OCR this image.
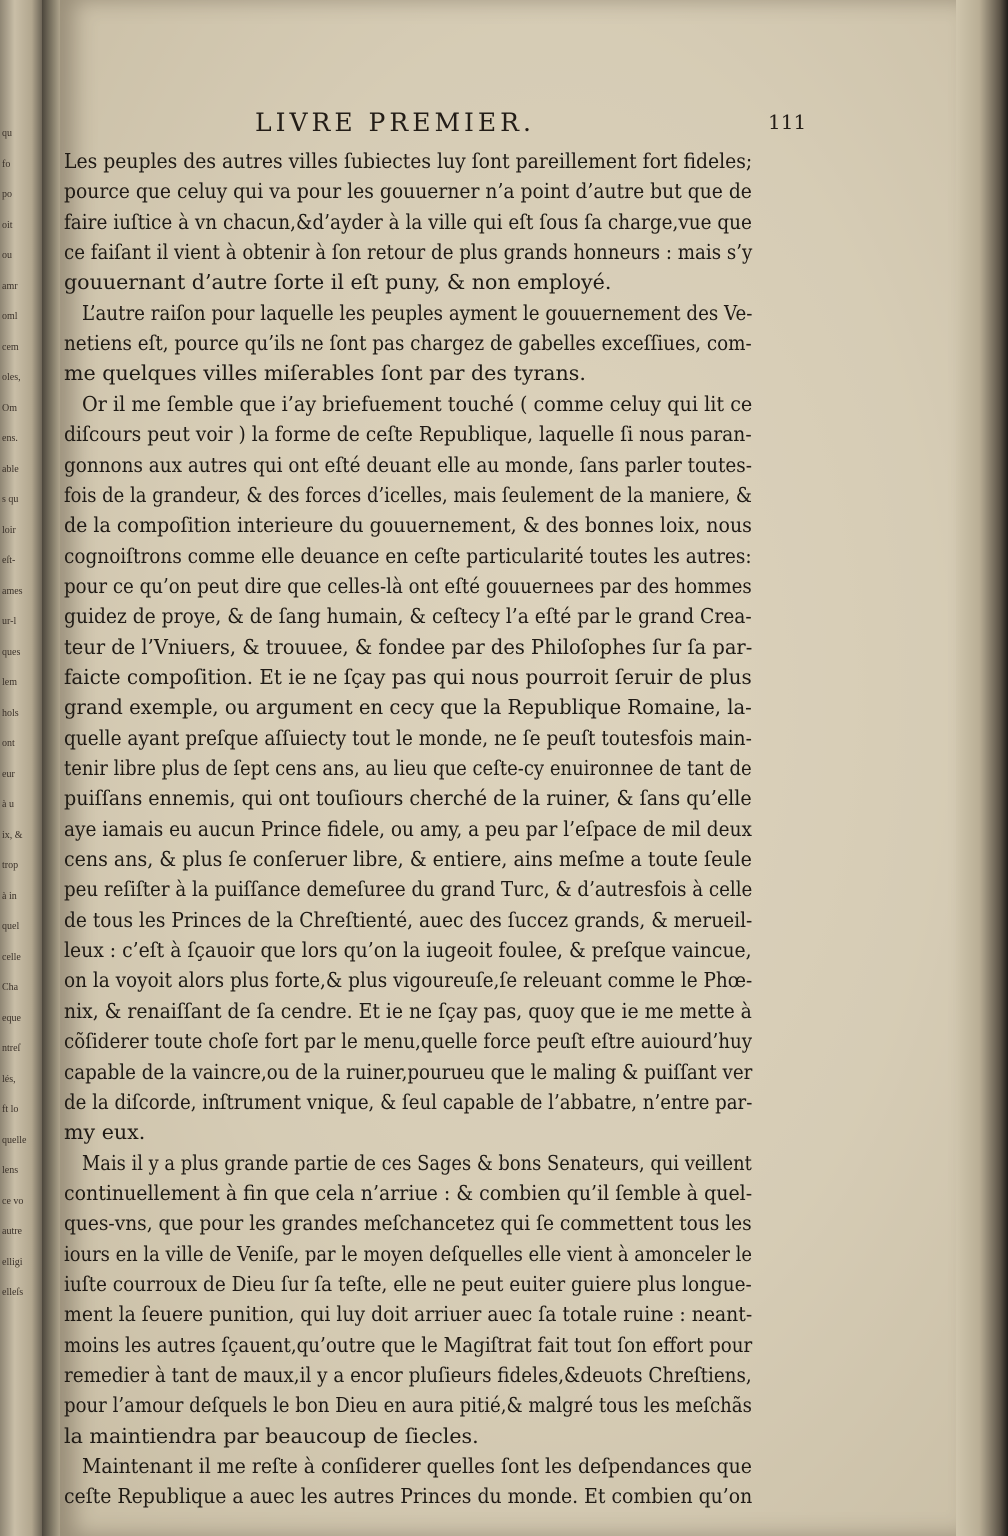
qu
fo
po
oit
ou
amr
oml
cem
oles,
Om
ens.
able
s qu
loir
eſt-
ames
ur-l
ques
lem
hols
ont
eur
à u
ix, &
trop
à in
quel
celle
Cha
eque
ntreſ
lés,
ft lo
quelle
lens
ce vo
autre
elligi
elleſs
LIVRE PREMIER.	111
Les peuples des autres villes ſubiectes luy ſont pareillement fort fideles;
pource que celuy qui va pour les gouuerner n’a point d’autre but que de
faire iuſtice à vn chacun,&d’ayder à la ville qui eſt ſous ſa charge,vue que
ce faiſant il vient à obtenir à ſon retour de plus grands honneurs : mais s’y
gouuernant d’autre ſorte il eſt puny, & non employé.
L’autre raiſon pour laquelle les peuples ayment le gouuernement des Ve-
netiens eſt, pource qu’ils ne ſont pas chargez de gabelles exceſſiues, com-
me quelques villes miſerables ſont par des tyrans.
Or il me ſemble que i’ay briefuement touché ( comme celuy qui lit ce
diſcours peut voir ) la forme de ceſte Republique, laquelle ſi nous paran-
gonnons aux autres qui ont eſté deuant elle au monde, ſans parler toutes-
fois de la grandeur, & des forces d’icelles, mais ſeulement de la maniere, &
de la compoſition interieure du gouuernement, & des bonnes loix, nous
cognoiſtrons comme elle deuance en ceſte particularité toutes les autres:
pour ce qu’on peut dire que celles-là ont eſté gouuernees par des hommes
guidez de proye, & de ſang humain, & ceſtecy l’a eſté par le grand Crea-
teur de l’Vniuers, & trouuee, & fondee par des Philoſophes ſur ſa par-
faicte compoſition. Et ie ne ſçay pas qui nous pourroit ſeruir de plus
grand exemple, ou argument en cecy que la Republique Romaine, la-
quelle ayant preſque aſſuiecty tout le monde, ne ſe peuſt toutesfois main-
tenir libre plus de ſept cens ans, au lieu que ceſte-cy enuironnee de tant de
puiſſans ennemis, qui ont touſiours cherché de la ruiner, & ſans qu’elle
aye iamais eu aucun Prince fidele, ou amy, a peu par l’eſpace de mil deux
cens ans, & plus ſe conſeruer libre, & entiere, ains meſme a toute ſeule
peu reſiſter à la puiſſance demeſuree du grand Turc, & d’autresfois à celle
de tous les Princes de la Chreſtienté, auec des ſuccez grands, & merueil-
leux : c’eſt à ſçauoir que lors qu’on la iugeoit foulee, & preſque vaincue,
on la voyoit alors plus forte,& plus vigoureuſe,ſe releuant comme le Phœ-
nix, & renaiſſant de ſa cendre. Et ie ne ſçay pas, quoy que ie me mette à
cõſiderer toute choſe fort par le menu,quelle force peuſt eſtre auiourd’huy
capable de la vaincre,ou de la ruiner,pourueu que le maling & puiſſant ver
de la diſcorde, inſtrument vnique, & ſeul capable de l’abbatre, n’entre par-
my eux.
Mais il y a plus grande partie de ces Sages & bons Senateurs, qui veillent
continuellement à fin que cela n’arriue : & combien qu’il ſemble à quel-
ques-vns, que pour les grandes meſchancetez qui ſe commettent tous les
iours en la ville de Veniſe, par le moyen deſquelles elle vient à amonceler le
iuſte courroux de Dieu ſur ſa teſte, elle ne peut euiter guiere plus longue-
ment la ſeuere punition, qui luy doit arriuer auec ſa totale ruine : neant-
moins les autres ſçauent,qu’outre que le Magiſtrat fait tout ſon effort pour
remedier à tant de maux,il y a encor pluſieurs fideles,&deuots Chreſtiens,
pour l’amour deſquels le bon Dieu en aura pitié,& malgré tous les meſchãs
la maintiendra par beaucoup de ſiecles.
Maintenant il me reſte à conſiderer quelles ſont les deſpendances que
ceſte Republique a auec les autres Princes du monde. Et combien qu’on
